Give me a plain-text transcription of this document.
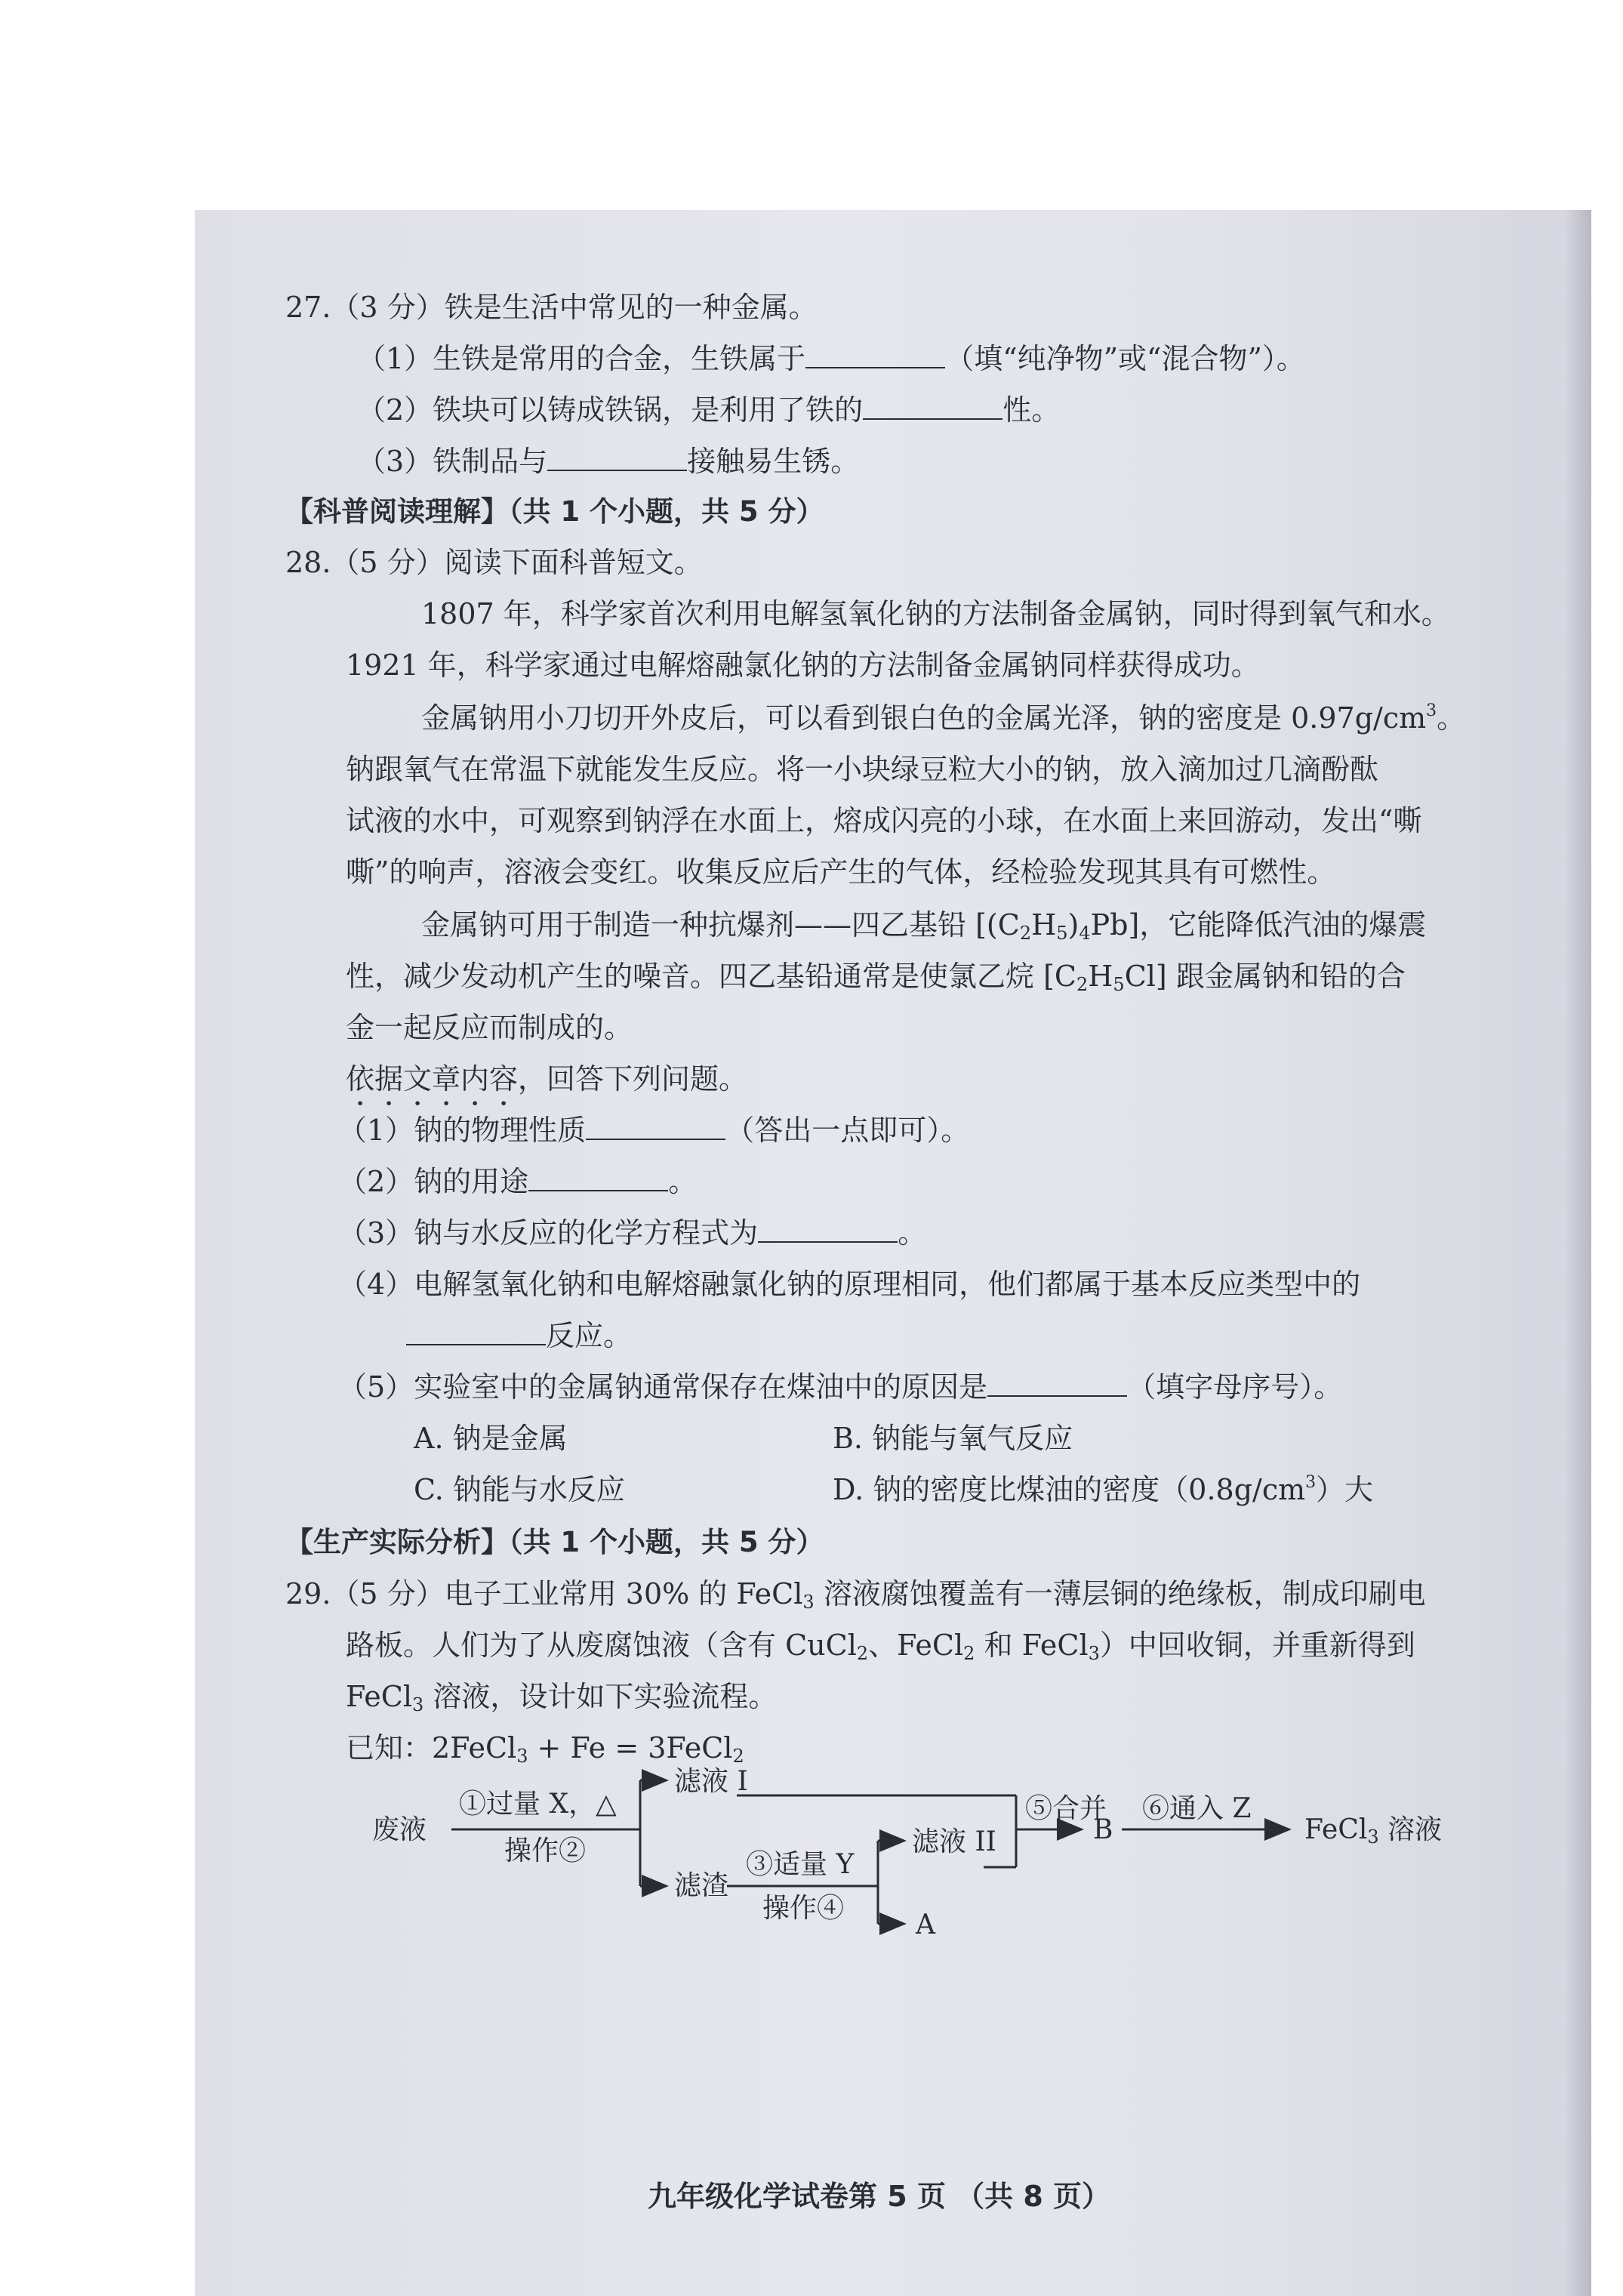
27.（3 分）铁是生活中常见的一种金属。
（1）生铁是常用的合金，生铁属于	（填“纯净物”或“混合物”）。
（2）铁块可以铸成铁锅，是利用了铁的	性。
（3）铁制品与	接触易生锈。
【科普阅读理解】（共 1 个小题，共 5 分）
28.（5 分）阅读下面科普短文。
1807 年，科学家首次利用电解氢氧化钠的方法制备金属钠，同时得到氧气和水。
1921 年，科学家通过电解熔融氯化钠的方法制备金属钠同样获得成功。
金属钠用小刀切开外皮后，可以看到银白色的金属光泽，钠的密度是 $0.97g/cm^3$。
钠跟氧气在常温下就能发生反应。将一小块绿豆粒大小的钠，放入滴加过几滴酚酞
试液的水中，可观察到钠浮在水面上，熔成闪亮的小球，在水面上来回游动，发出“嘶
嘶”的响声，溶液会变红。收集反应后产生的气体，经检验发现其具有可燃性。
金属钠可用于制造一种抗爆剂——四乙基铅 $[(C_2H_5)_4Pb]$，它能降低汽油的爆震
性，减少发动机产生的噪音。四乙基铅通常是使氯乙烷 $[C_2H_5Cl]$ 跟金属钠和铅的合
金一起反应而制成的。
依据文章内容，回答下列问题。
（1）钠的物理性质	（答出一点即可）。
（2）钠的用途	。
（3）钠与水反应的化学方程式为	。
（4）电解氢氧化钠和电解熔融氯化钠的原理相同，他们都属于基本反应类型中的
反应。
（5）实验室中的金属钠通常保存在煤油中的原因是	（填字母序号）。
A. 钠是金属	B. 钠能与氧气反应
C. 钠能与水反应	D. 钠的密度比煤油的密度$(0.8g/cm^3)$大
【生产实际分析】（共 1 个小题，共 5 分）
29.（5 分）电子工业常用 30% 的 FeCl$_3$ 溶液腐蚀覆盖有一薄层铜的绝缘板，制成印刷电
路板。人们为了从废腐蚀液（含有 CuCl$_2$、FeCl$_2$ 和 FeCl$_3$）中回收铜，并重新得到
FeCl$_3$ 溶液，设计如下实验流程。
已知：2FeCl$_3$ + Fe = 3FeCl$_2$
废液
①过量 X，△
操作②
滤液 I
滤渣
③适量 Y
操作④
滤液 II
A
⑤合并
B
⑥通入 Z
FeCl$_3$ 溶液
九年级化学试卷第 5 页 （共 8 页）
